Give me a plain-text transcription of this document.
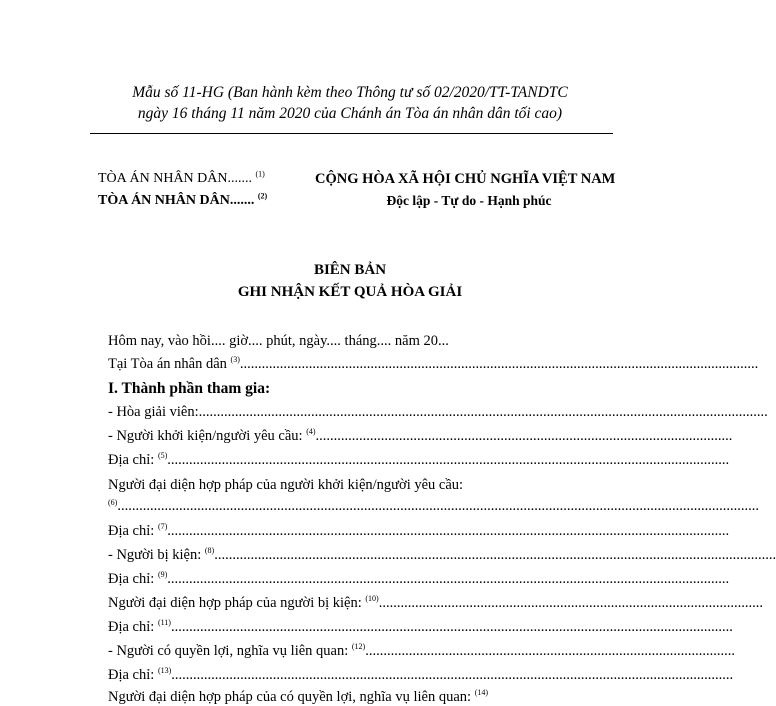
Mẫu số 11-HG (Ban hành kèm theo Thông tư số 02/2020/TT-TANDTC
ngày 16 tháng 11 năm 2020 của Chánh án Tòa án nhân dân tối cao)
TÒA ÁN NHÂN DÂN....... $^{(1)}$
TÒA ÁN NHÂN DÂN....... $^{(2)}$
CỘNG HÒA XÃ HỘI CHỦ NGHĨA VIỆT NAM
Độc lập - Tự do - Hạnh phúc
BIÊN BẢN
GHI NHẬN KẾT QUẢ HÒA GIẢI
Hôm nay, vào hồi.... giờ.... phút, ngày.... tháng.... năm 20...
Tại Tòa án nhân dân $^{(3)}$...............................................................................................................................................
I. Thành phần tham gia:
- Hòa giải viên:.............................................................................................................................................................
- Người khởi kiện/người yêu cầu: $^{(4)}$...................................................................................................................
Địa chỉ: $^{(5)}$...........................................................................................................................................................
Người đại diện hợp pháp của người khởi kiện/người yêu cầu:
$^{(6)}$.................................................................................................................................................................................
Địa chỉ: $^{(7)}$...........................................................................................................................................................
- Người bị kiện: $^{(8)}$...........................................................................................................................................................
Địa chỉ: $^{(9)}$...........................................................................................................................................................
Người đại diện hợp pháp của người bị kiện: $^{(10)}$..........................................................................................................
Địa chỉ: $^{(11)}$...........................................................................................................................................................
- Người có quyền lợi, nghĩa vụ liên quan: $^{(12)}$......................................................................................................
Địa chỉ: $^{(13)}$...........................................................................................................................................................
Người đại diện hợp pháp của có quyền lợi, nghĩa vụ liên quan: $^{(14)}$
